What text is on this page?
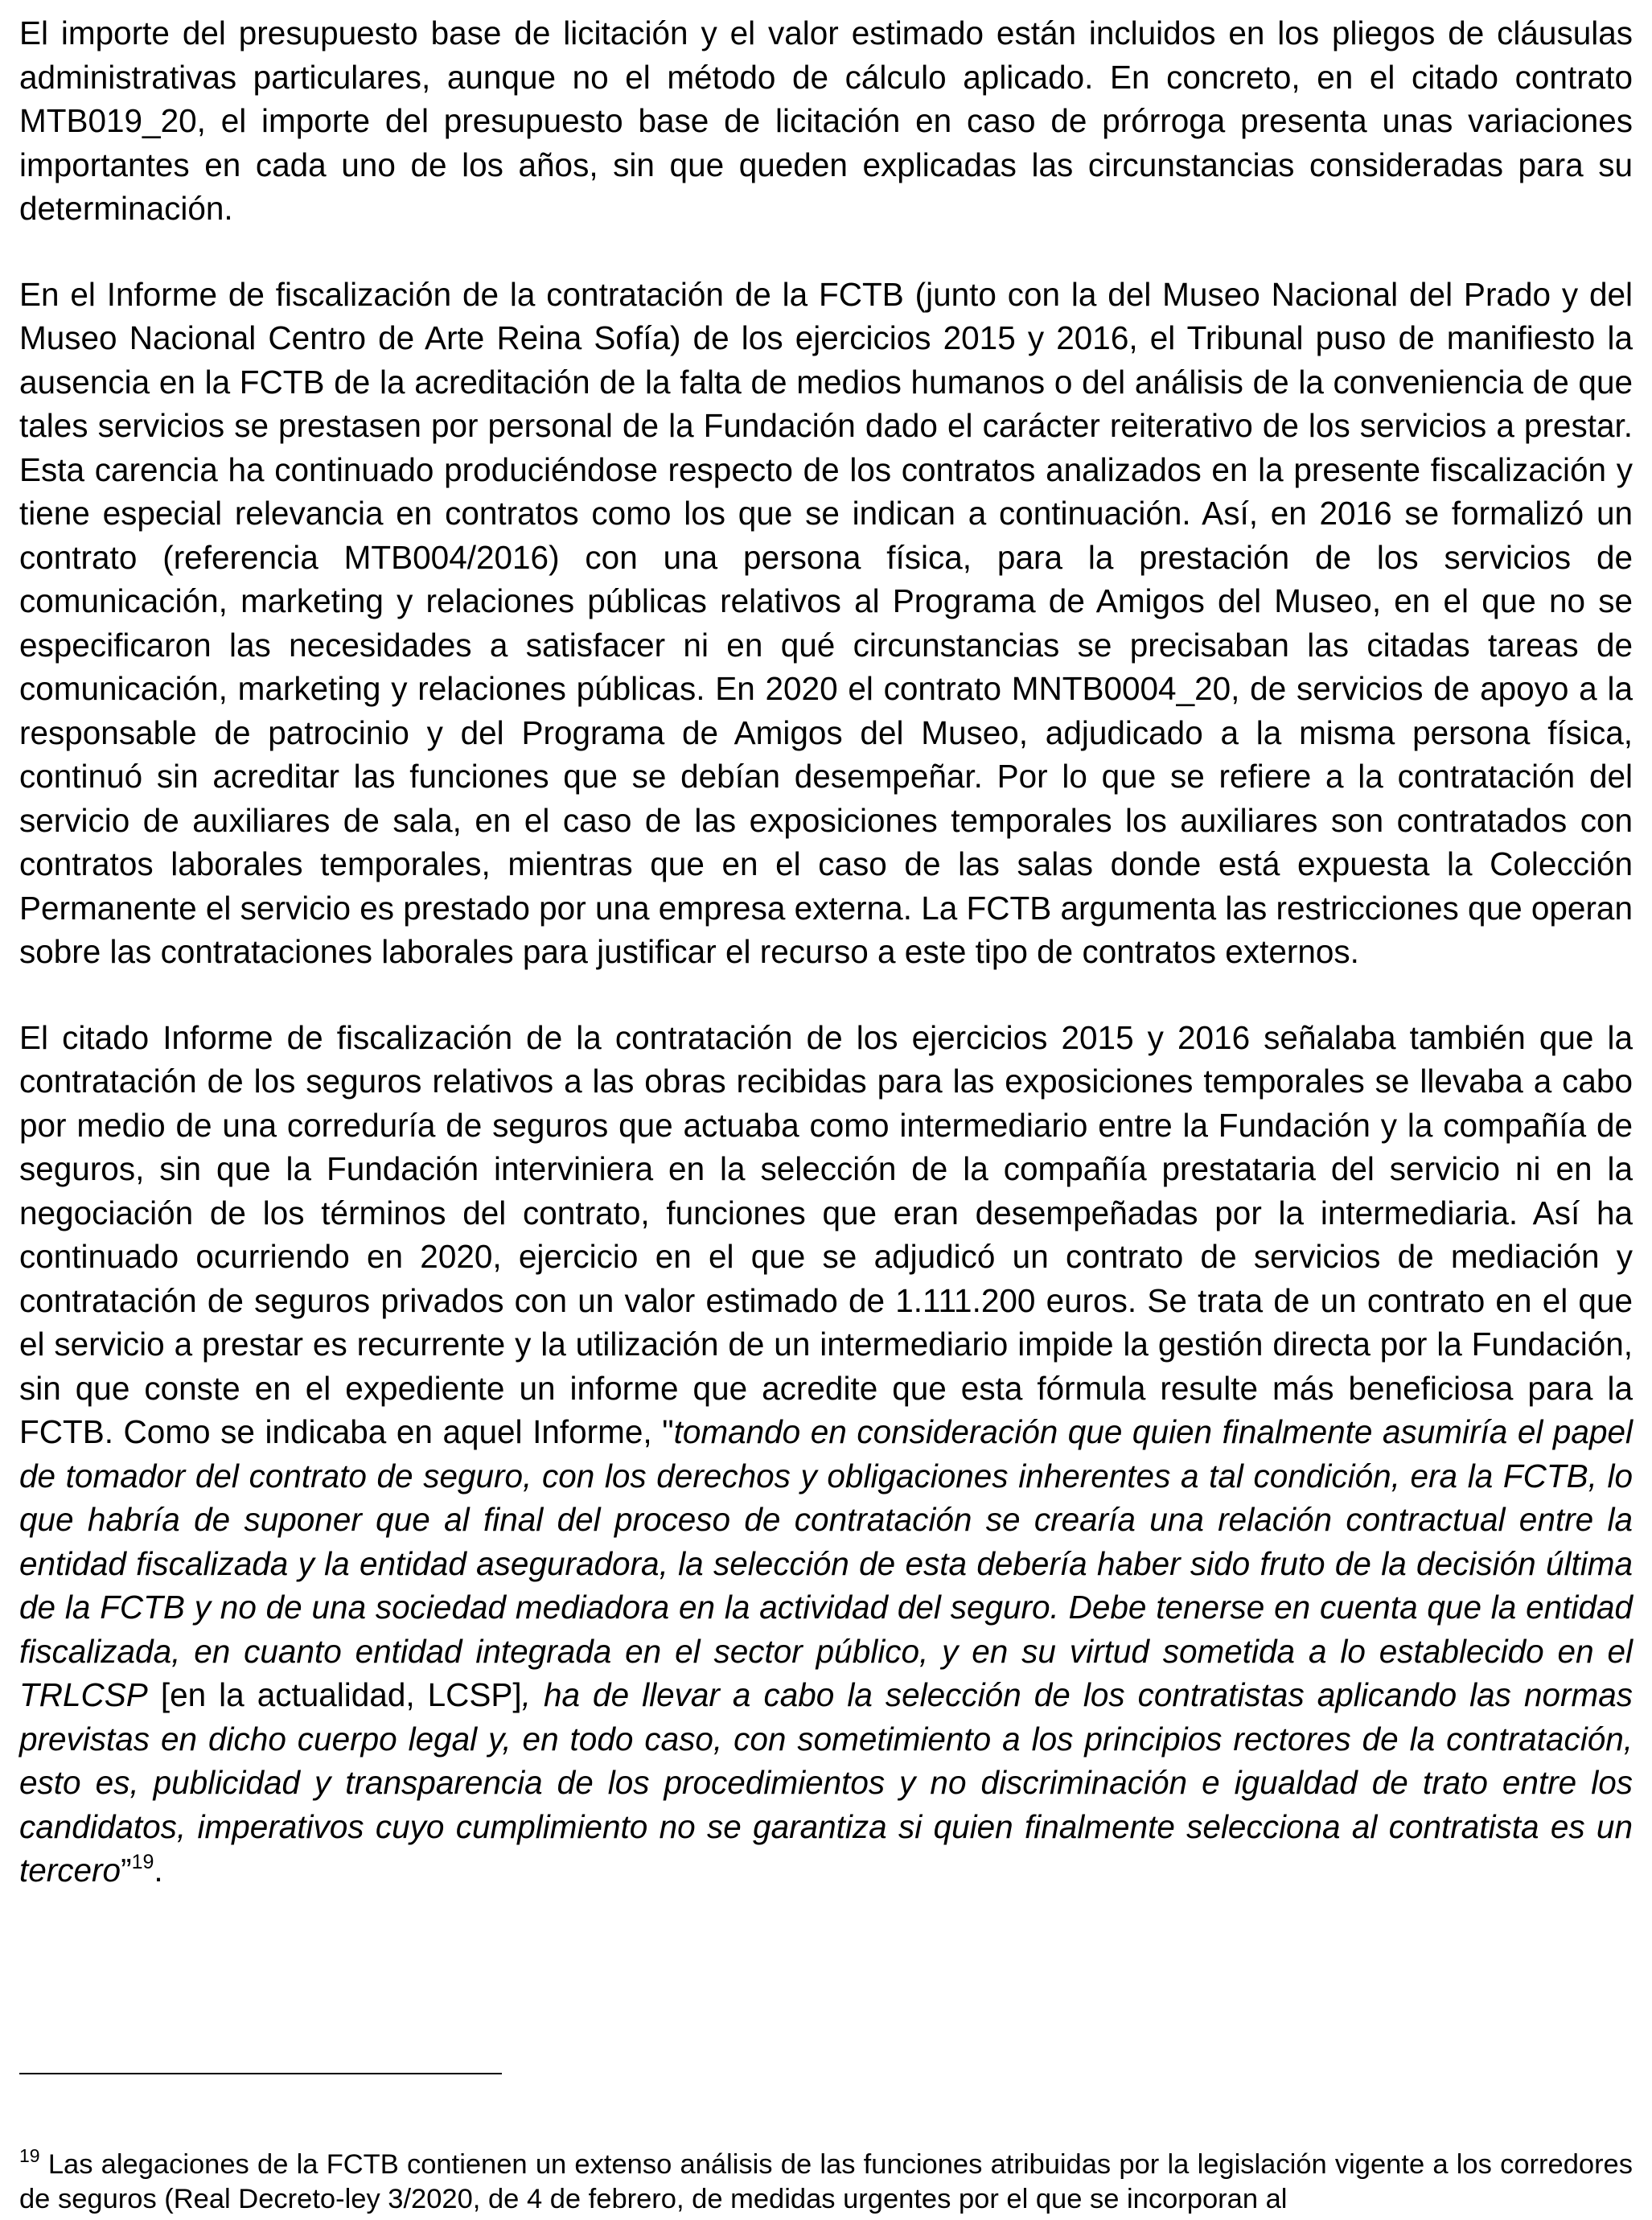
El importe del presupuesto base de licitación y el valor estimado están incluidos en los pliegos de cláusulas administrativas particulares, aunque no el método de cálculo aplicado. En concreto, en el citado contrato MTB019_20, el importe del presupuesto base de licitación en caso de prórroga presenta unas variaciones importantes en cada uno de los años, sin que queden explicadas las circunstancias consideradas para su determinación.

En el Informe de fiscalización de la contratación de la FCTB (junto con la del Museo Nacional del Prado y del Museo Nacional Centro de Arte Reina Sofía) de los ejercicios 2015 y 2016, el Tribunal puso de manifiesto la ausencia en la FCTB de la acreditación de la falta de medios humanos o del análisis de la conveniencia de que tales servicios se prestasen por personal de la Fundación dado el carácter reiterativo de los servicios a prestar. Esta carencia ha continuado produciéndose respecto de los contratos analizados en la presente fiscalización y tiene especial relevancia en contratos como los que se indican a continuación. Así, en 2016 se formalizó un contrato (referencia MTB004/2016) con una persona física, para la prestación de los servicios de comunicación, marketing y relaciones públicas relativos al Programa de Amigos del Museo, en el que no se especificaron las necesidades a satisfacer ni en qué circunstancias se precisaban las citadas tareas de comunicación, marketing y relaciones públicas. En 2020 el contrato MNTB0004_20, de servicios de apoyo a la responsable de patrocinio y del Programa de Amigos del Museo, adjudicado a la misma persona física, continuó sin acreditar las funciones que se debían desempeñar. Por lo que se refiere a la contratación del servicio de auxiliares de sala, en el caso de las exposiciones temporales los auxiliares son contratados con contratos laborales temporales, mientras que en el caso de las salas donde está expuesta la Colección Permanente el servicio es prestado por una empresa externa. La FCTB argumenta las restricciones que operan sobre las contrataciones laborales para justificar el recurso a este tipo de contratos externos.

El citado Informe de fiscalización de la contratación de los ejercicios 2015 y 2016 señalaba también que la contratación de los seguros relativos a las obras recibidas para las exposiciones temporales se llevaba a cabo por medio de una correduría de seguros que actuaba como intermediario entre la Fundación y la compañía de seguros, sin que la Fundación interviniera en la selección de la compañía prestataria del servicio ni en la negociación de los términos del contrato, funciones que eran desempeñadas por la intermediaria. Así ha continuado ocurriendo en 2020, ejercicio en el que se adjudicó un contrato de servicios de mediación y contratación de seguros privados con un valor estimado de 1.111.200 euros. Se trata de un contrato en el que el servicio a prestar es recurrente y la utilización de un intermediario impide la gestión directa por la Fundación, sin que conste en el expediente un informe que acredite que esta fórmula resulte más beneficiosa para la FCTB. Como se indicaba en aquel Informe, "tomando en consideración que quien finalmente asumiría el papel de tomador del contrato de seguro, con los derechos y obligaciones inherentes a tal condición, era la FCTB, lo que habría de suponer que al final del proceso de contratación se crearía una relación contractual entre la entidad fiscalizada y la entidad aseguradora, la selección de esta debería haber sido fruto de la decisión última de la FCTB y no de una sociedad mediadora en la actividad del seguro. Debe tenerse en cuenta que la entidad fiscalizada, en cuanto entidad integrada en el sector público, y en su virtud sometida a lo establecido en el TRLCSP [en la actualidad, LCSP], ha de llevar a cabo la selección de los contratistas aplicando las normas previstas en dicho cuerpo legal y, en todo caso, con sometimiento a los principios rectores de la contratación, esto es, publicidad y transparencia de los procedimientos y no discriminación e igualdad de trato entre los candidatos, imperativos cuyo cumplimiento no se garantiza si quien finalmente selecciona al contratista es un tercero”$^{19}$.

$^{19}$ Las alegaciones de la FCTB contienen un extenso análisis de las funciones atribuidas por la legislación vigente a los corredores de seguros (Real Decreto-ley 3/2020, de 4 de febrero, de medidas urgentes por el que se incorporan al
